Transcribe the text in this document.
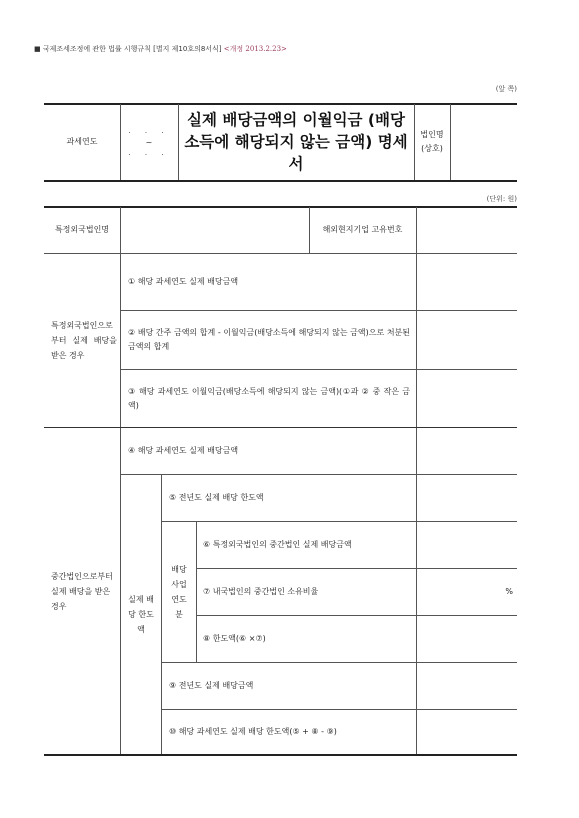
■ 국제조세조정에 관한 법률 시행규칙 [별지 제10호의8서식] <개정 2013.2.23>
(앞 쪽)
과세연도
. . .
~
. . .
실제 배당금액의 이월익금 (배당
소득에 해당되지 않는 금액) 명세서
법인명
(상호)
(단위: 원)
특정외국법인명	해외현지기업 고유번호
특정외국법인으로부터 실제 배당을 받은 경우
① 해당 과세연도 실제 배당금액
② 배당 간주 금액의 합계 - 이월익금(배당소득에 해당되지 않는 금액)으로 처분된 금액의 합계
③ 해당 과세연도 이월익금(배당소득에 해당되지 않는 금액)(①과 ② 중 작은 금액)
중간법인으로부터 실제 배당을 받은 경우
④ 해당 과세연도 실제 배당금액
실제 배당 한도액
⑤ 전년도 실제 배당 한도액
배당 사업 연도분
⑥ 특정외국법인의 중간법인 실제 배당금액
⑦ 내국법인의 중간법인 소유비율
⑧ 한도액(⑥ ×⑦)
⑨ 전년도 실제 배당금액
⑩ 해당 과세연도 실제 배당 한도액(⑤ + ⑧ - ⑨)
%
